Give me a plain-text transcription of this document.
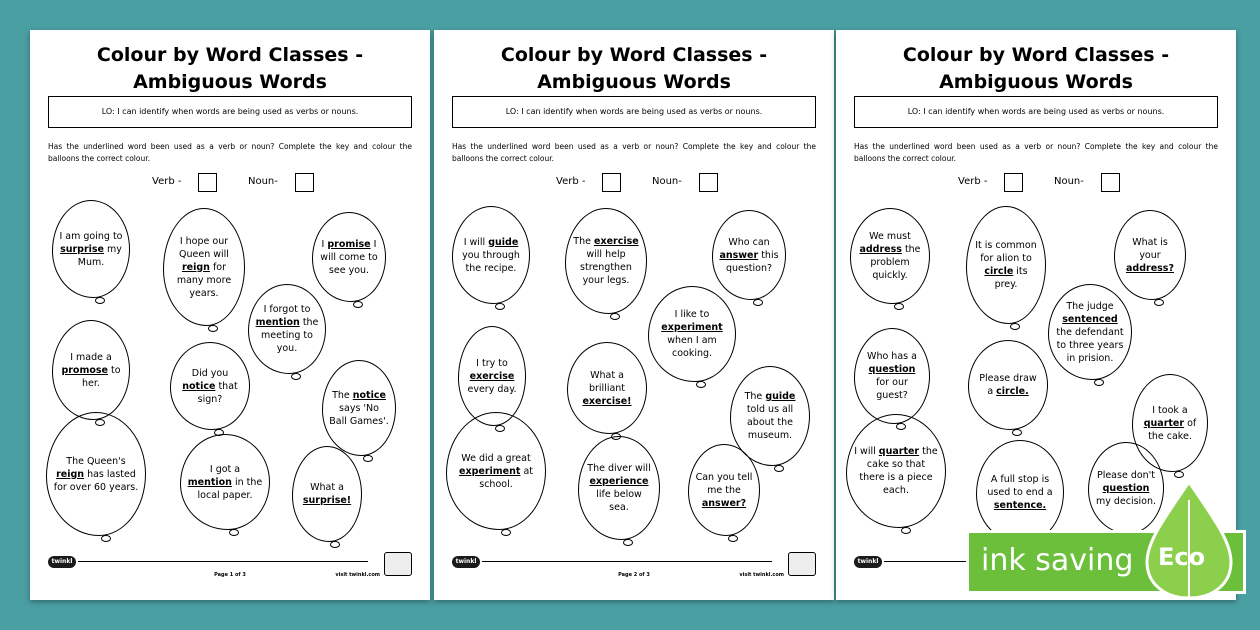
Colour by Word Classes -
Ambiguous Words
LO: I can identify when words are being used as verbs or nouns.
Has the underlined word been used as a verb or noun? Complete the key and colour the balloons the correct colour.
Verb -	Noun-
I am going to surprise my Mum.
I hope our Queen will reign for many more years.
I promise I will come to see you.
I forgot to mention the meeting to you.
I made a promose to her.
Did you notice that sign?	The notice says 'No Ball Games'.
The Queen's reign has lasted for over 60 years.
I got a mention in the local paper.
What a surprise!
twinkl
Page 1 of 3	visit twinkl.com
Colour by Word Classes -
Ambiguous Words
LO: I can identify when words are being used as verbs or nouns.
Has the underlined word been used as a verb or noun? Complete the key and colour the balloons the correct colour.
Verb -	Noun-
I will guide you through the recipe.
The exercise will help strengthen your legs.
Who can answer this question?
I like to experiment when I am cooking.
I try to exercise every day.
What a brilliant exercise!	The guide told us all about the museum.
We did a great experiment at school.
The diver will experience life below sea.
Can you tell me the answer?
twinkl
Page 2 of 3	visit twinkl.com
Colour by Word Classes -
Ambiguous Words
LO: I can identify when words are being used as verbs or nouns.
Has the underlined word been used as a verb or noun? Complete the key and colour the balloons the correct colour.
Verb -	Noun-
We must address the problem quickly.
It is common for alion to circle its prey.
What is your address?
The judge sentenced the defendant to three years in prision.
Who has a question for our guest?
Please draw a circle.
I took a quarter of the cake.
I will quarter the cake so that there is a piece each.
A full stop is used to end a sentence.
Please don't question my decision.
twinkl	ink saving Eco
